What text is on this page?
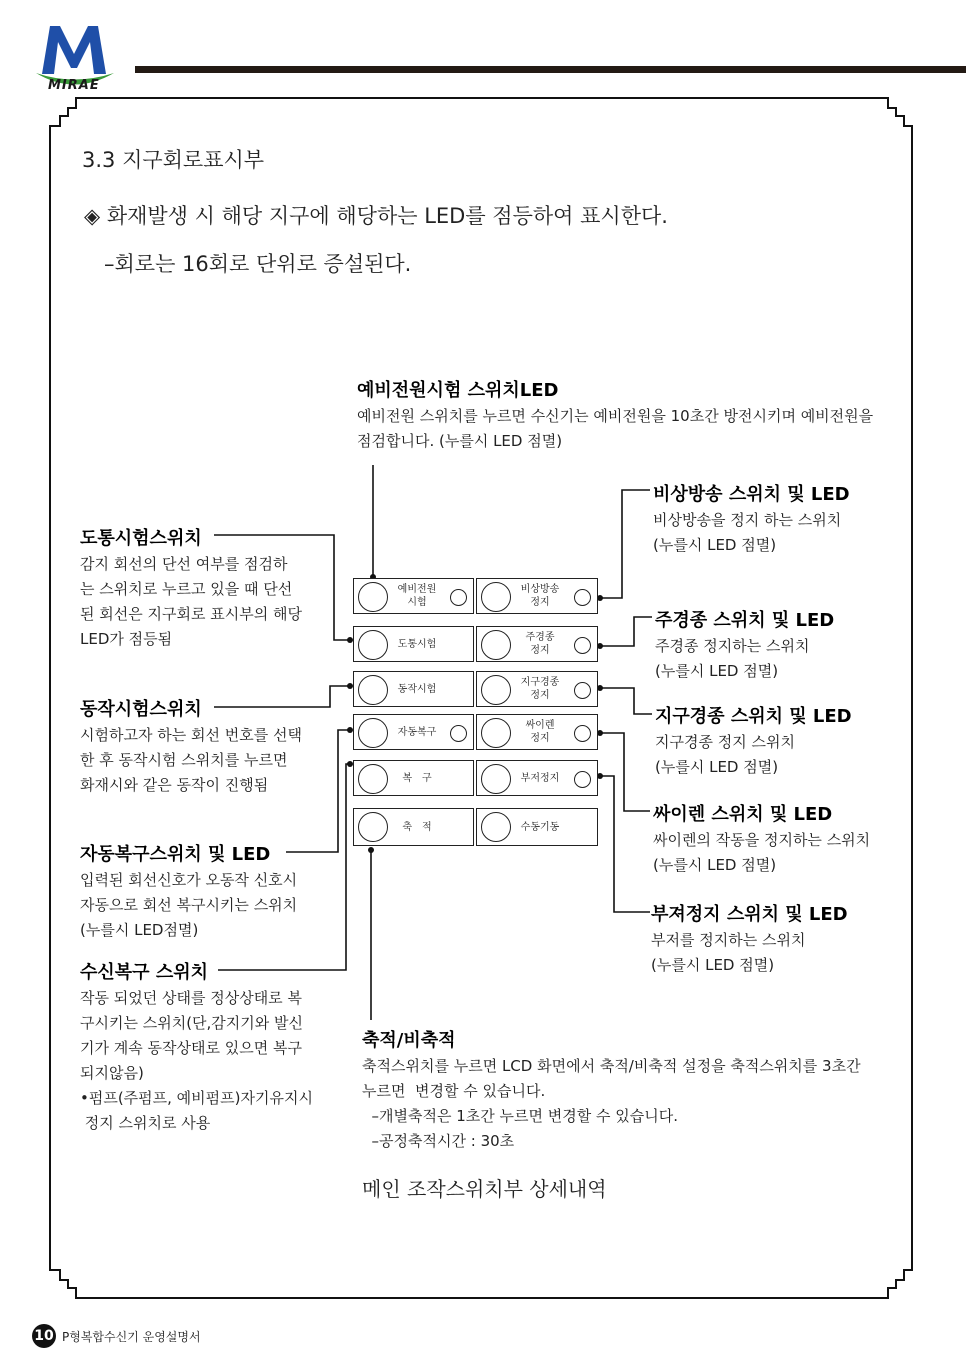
MIRAE
3.3 지구회로표시부
◈ 화재발생 시 해당 지구에 해당하는 LED를 점등하여 표시한다.
–회로는 16회로 단위로 증설된다.
예비전원
시험
도통시험
동작시험
자동복구
복　구
축　적
비상방송
정지
주경종
정지
지구경종
정지
싸이렌
정지
부저정지
수동기동
예비전원시험 스위치LED
예비전원 스위치를 누르면 수신기는 예비전원을 10초간 방전시키며 예비전원을
점검합니다. (누를시 LED 점멸)
도통시험스위치
감지 회선의 단선 여부를 점검하
는 스위치로 누르고 있을 때 단선
된 회선은 지구회로 표시부의 해당
LED가 점등됨
동작시험스위치
시험하고자 하는 회선 번호를 선택
한 후 동작시험 스위치를 누르면
화재시와 같은 동작이 진행됨
자동복구스위치 및 LED
입력된 회선신호가 오동작 신호시
자동으로 회선 복구시키는 스위치
(누를시 LED점멸)
수신복구 스위치
작동 되었던 상태를 정상상태로 복
구시키는 스위치(단,감지기와 발신
기가 계속 동작상태로 있으면 복구
되지않음)
•펌프(주펌프, 예비펌프)자기유지시
정지 스위치로 사용
비상방송 스위치 및 LED
비상방송을 정지 하는 스위치
(누를시 LED 점멸)
주경종 스위치 및 LED
주경종 정지하는 스위치
(누를시 LED 점멸)
지구경종 스위치 및 LED
지구경종 정지 스위치
(누를시 LED 점멸)
싸이렌 스위치 및 LED
싸이렌의 작동을 정지하는 스위치
(누를시 LED 점멸)
부져정지 스위치 및 LED
부저를 정지하는 스위치
(누를시 LED 점멸)
축적/비축적
축적스위치를 누르면 LCD 화면에서 축적/비축적 설정을 축적스위치를 3초간
누르면  변경할 수 있습니다.
–개별축적은 1초간 누르면 변경할 수 있습니다.
–공정축적시간 : 30초
메인 조작스위치부 상세내역
10 P형복합수신기 운영설명서
